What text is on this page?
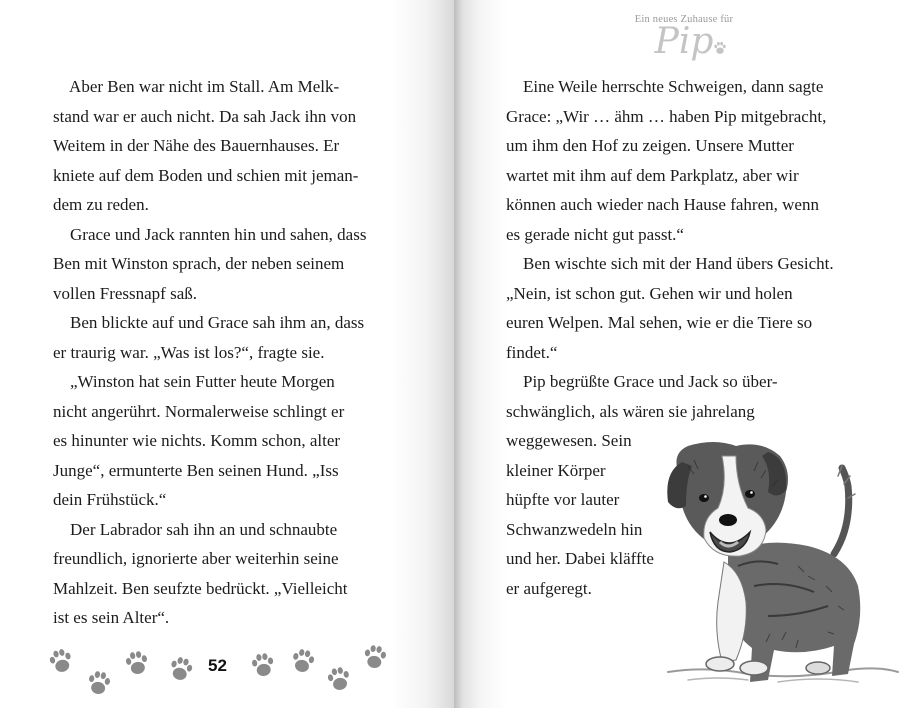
Aber Ben war nicht im Stall. Am Melk-
stand war er auch nicht. Da sah Jack ihn von
Weitem in der Nähe des Bauernhauses. Er
kniete auf dem Boden und schien mit jeman-
dem zu reden.
Grace und Jack rannten hin und sahen, dass
Ben mit Winston sprach, der neben seinem
vollen Fressnapf saß.
Ben blickte auf und Grace sah ihm an, dass
er traurig war. „Was ist los?“, fragte sie.
„Winston hat sein Futter heute Morgen
nicht angerührt. Normalerweise schlingt er
es hinunter wie nichts. Komm schon, alter
Junge“, ermunterte Ben seinen Hund. „Iss
dein Frühstück.“
Der Labrador sah ihn an und schnaubte
freundlich, ignorierte aber weiterhin seine
Mahlzeit. Ben seufzte bedrückt. „Vielleicht
ist es sein Alter“.
52
Ein neues Zuhause für
Pip
Eine Weile herrschte Schweigen, dann sagte
Grace: „Wir … ähm … haben Pip mitgebracht,
um ihm den Hof zu zeigen. Unsere Mutter
wartet mit ihm auf dem Parkplatz, aber wir
können auch wieder nach Hause fahren, wenn
es gerade nicht gut passt.“
Ben wischte sich mit der Hand übers Gesicht.
„Nein, ist schon gut. Gehen wir und holen
euren Welpen. Mal sehen, wie er die Tiere so
findet.“
Pip begrüßte Grace und Jack so über-
schwänglich, als wären sie jahrelang
weggewesen. Sein
kleiner Körper
hüpfte vor lauter
Schwanzwedeln hin
und her. Dabei kläffte
er aufgeregt.
